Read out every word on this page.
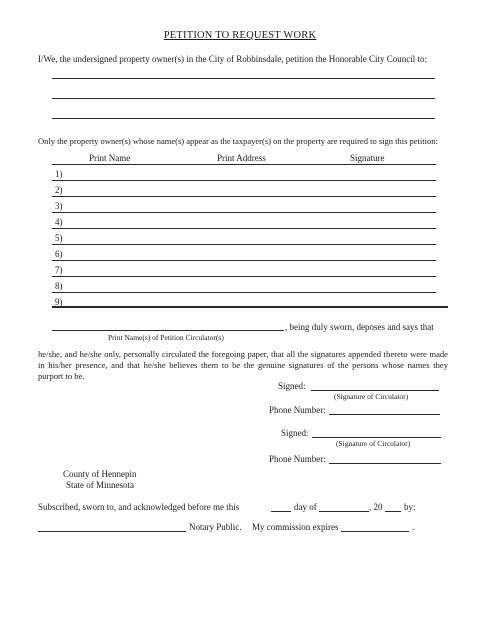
PETITION TO REQUEST WORK
I/We, the undersigned property owner(s) in the City of Robbinsdale, petition the Honorable City Council to:
Only the property owner(s) whose name(s) appear as the taxpayer(s) on the property are required to sign this petition:
Print Name	Print Address	Signature
1)
2)
3)
4)
5)
6)
7)
8)
9)
, being duly sworn, deposes and says that
Print Name(s) of Petition Circulator(s)
he/she, and he/she only, personally circulated the foregoing paper, that all the signatures appended thereto were made in his/her presence, and that he/she believes them to be the genuine signatures of the persons whose names they purport to be.
Signed:
(Signature of Circulator)
Phone Number:
Signed:
(Signature of Circulator)
Phone Number:
County of Hennepin
State of Minnesota
Subscribed, sworn to, and acknowledged before me this	day of	, 20 by:
Notary Public. My commission expires	.
